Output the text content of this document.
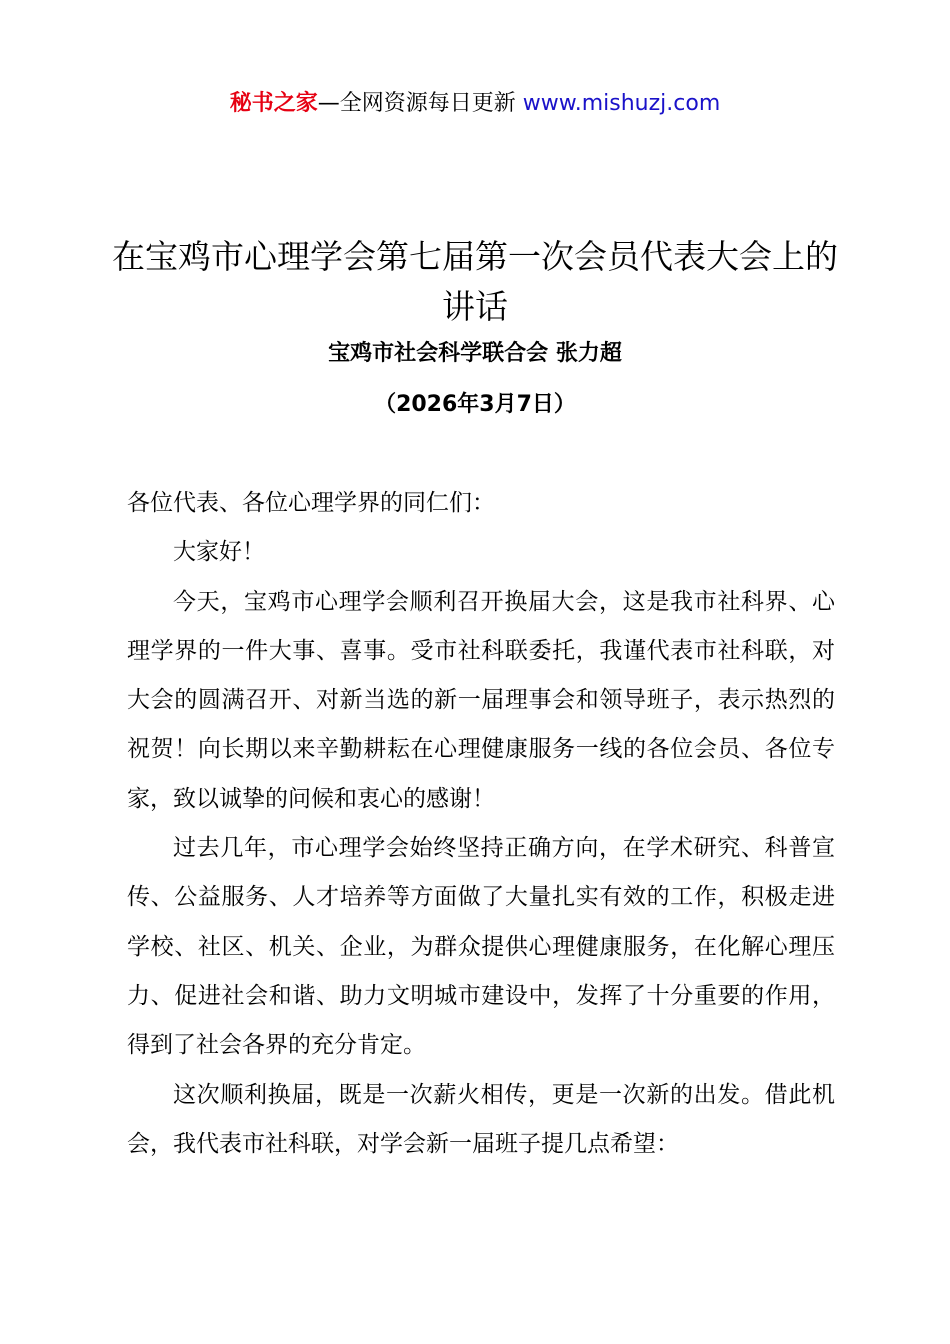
秘书之家—全网资源每日更新 www.mishuzj.com
在宝鸡市心理学会第七届第一次会员代表大会上的讲话
宝鸡市社会科学联合会 张力超
（2026年3月7日）

各位代表、各位心理学界的同仁们：

大家好！

今天，宝鸡市心理学会顺利召开换届大会，这是我市社科界、心理学界的一件大事、喜事。受市社科联委托，我谨代表市社科联，对大会的圆满召开、对新当选的新一届理事会和领导班子，表示热烈的祝贺！向长期以来辛勤耕耘在心理健康服务一线的各位会员、各位专家，致以诚挚的问候和衷心的感谢！

过去几年，市心理学会始终坚持正确方向，在学术研究、科普宣传、公益服务、人才培养等方面做了大量扎实有效的工作，积极走进学校、社区、机关、企业，为群众提供心理健康服务，在化解心理压力、促进社会和谐、助力文明城市建设中，发挥了十分重要的作用，得到了社会各界的充分肯定。

这次顺利换届，既是一次薪火相传，更是一次新的出发。借此机会，我代表市社科联，对学会新一届班子提几点希望：
